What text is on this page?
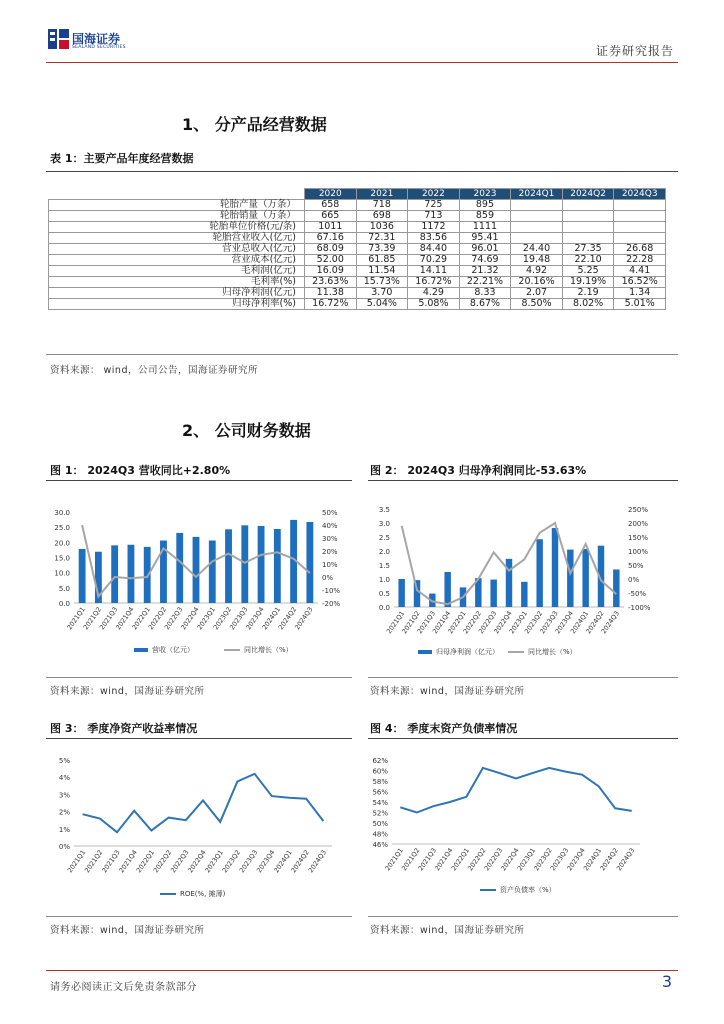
国海证券
SEALAND SECURITIES	证券研究报告
1、 分产品经营数据
表 1：主要产品年度经营数据
	2020	2021	2022	2023	2024Q1	2024Q2	2024Q3
轮胎产量（万条）	658	718	725	895			
轮胎销量（万条）	665	698	713	859			
轮胎单位价格(元/条)	1011	1036	1172	1111			
轮胎营业收入(亿元)	67.16	72.31	83.56	95.41			
营业总收入(亿元)	68.09	73.39	84.40	96.01	24.40	27.35	26.68
营业成本(亿元)	52.00	61.85	70.29	74.69	19.48	22.10	22.28
毛利润(亿元)	16.09	11.54	14.11	21.32	4.92	5.25	4.41
毛利率(%)	23.63%	15.73%	16.72%	22.21%	20.16%	19.19%	16.52%
归母净利润(亿元)	11.38	3.70	4.29	8.33	2.07	2.19	1.34
归母净利率(%)	16.72%	5.04%	5.08%	8.67%	8.50%	8.02%	5.01%
资料来源： wind，公司公告，国海证券研究所
2、 公司财务数据
图 1： 2024Q3 营收同比+2.80%	图 2： 2024Q3 归母净利润同比-53.63%
0.0
5.0
10.0
15.0
20.0
25.0
30.0
-20%
-10%
0%
10%
20%
30%
40%
50%
2021Q1
2021Q2
2021Q3
2021Q4
2022Q1
2022Q2
2022Q3
2022Q4
2023Q1
2023Q2
2023Q3
2023Q4
2024Q1
2024Q2
2024Q3
营收（亿元）	同比增长（%）
0.0
0.5
1.0
1.5
2.0
2.5
3.0
3.5
-100%
-50%
0%
50%
100%
150%
200%
250%
2021Q1
2021Q2
2021Q3
2021Q4
2022Q1
2022Q2
2022Q3
2022Q4
2023Q1
2023Q2
2023Q3
2023Q4
2024Q1
2024Q2
2024Q3
归母净利润（亿元）	同比增长（%）
资料来源：wind，国海证券研究所	资料来源：wind，国海证券研究所
图 3： 季度净资产收益率情况	图 4： 季度末资产负债率情况
0%
1%
2%
3%
4%
5%
2021Q1
2021Q2
2021Q3
2021Q4
2022Q1
2022Q2
2022Q3
2022Q4
2023Q1
2023Q2
2023Q3
2023Q4
2024Q1
2024Q2
2024Q3
ROE(%, 摊薄)
46%
48%
50%
52%
54%
56%
58%
60%
62%
2021Q1
2021Q2
2021Q3
2021Q4
2022Q1
2022Q2
2022Q3
2022Q4
2023Q1
2023Q2
2023Q3
2023Q4
2024Q1
2024Q2
2024Q3
资产负债率（%）
资料来源：wind，国海证券研究所	资料来源：wind，国海证券研究所
请务必阅读正文后免责条款部分	3
